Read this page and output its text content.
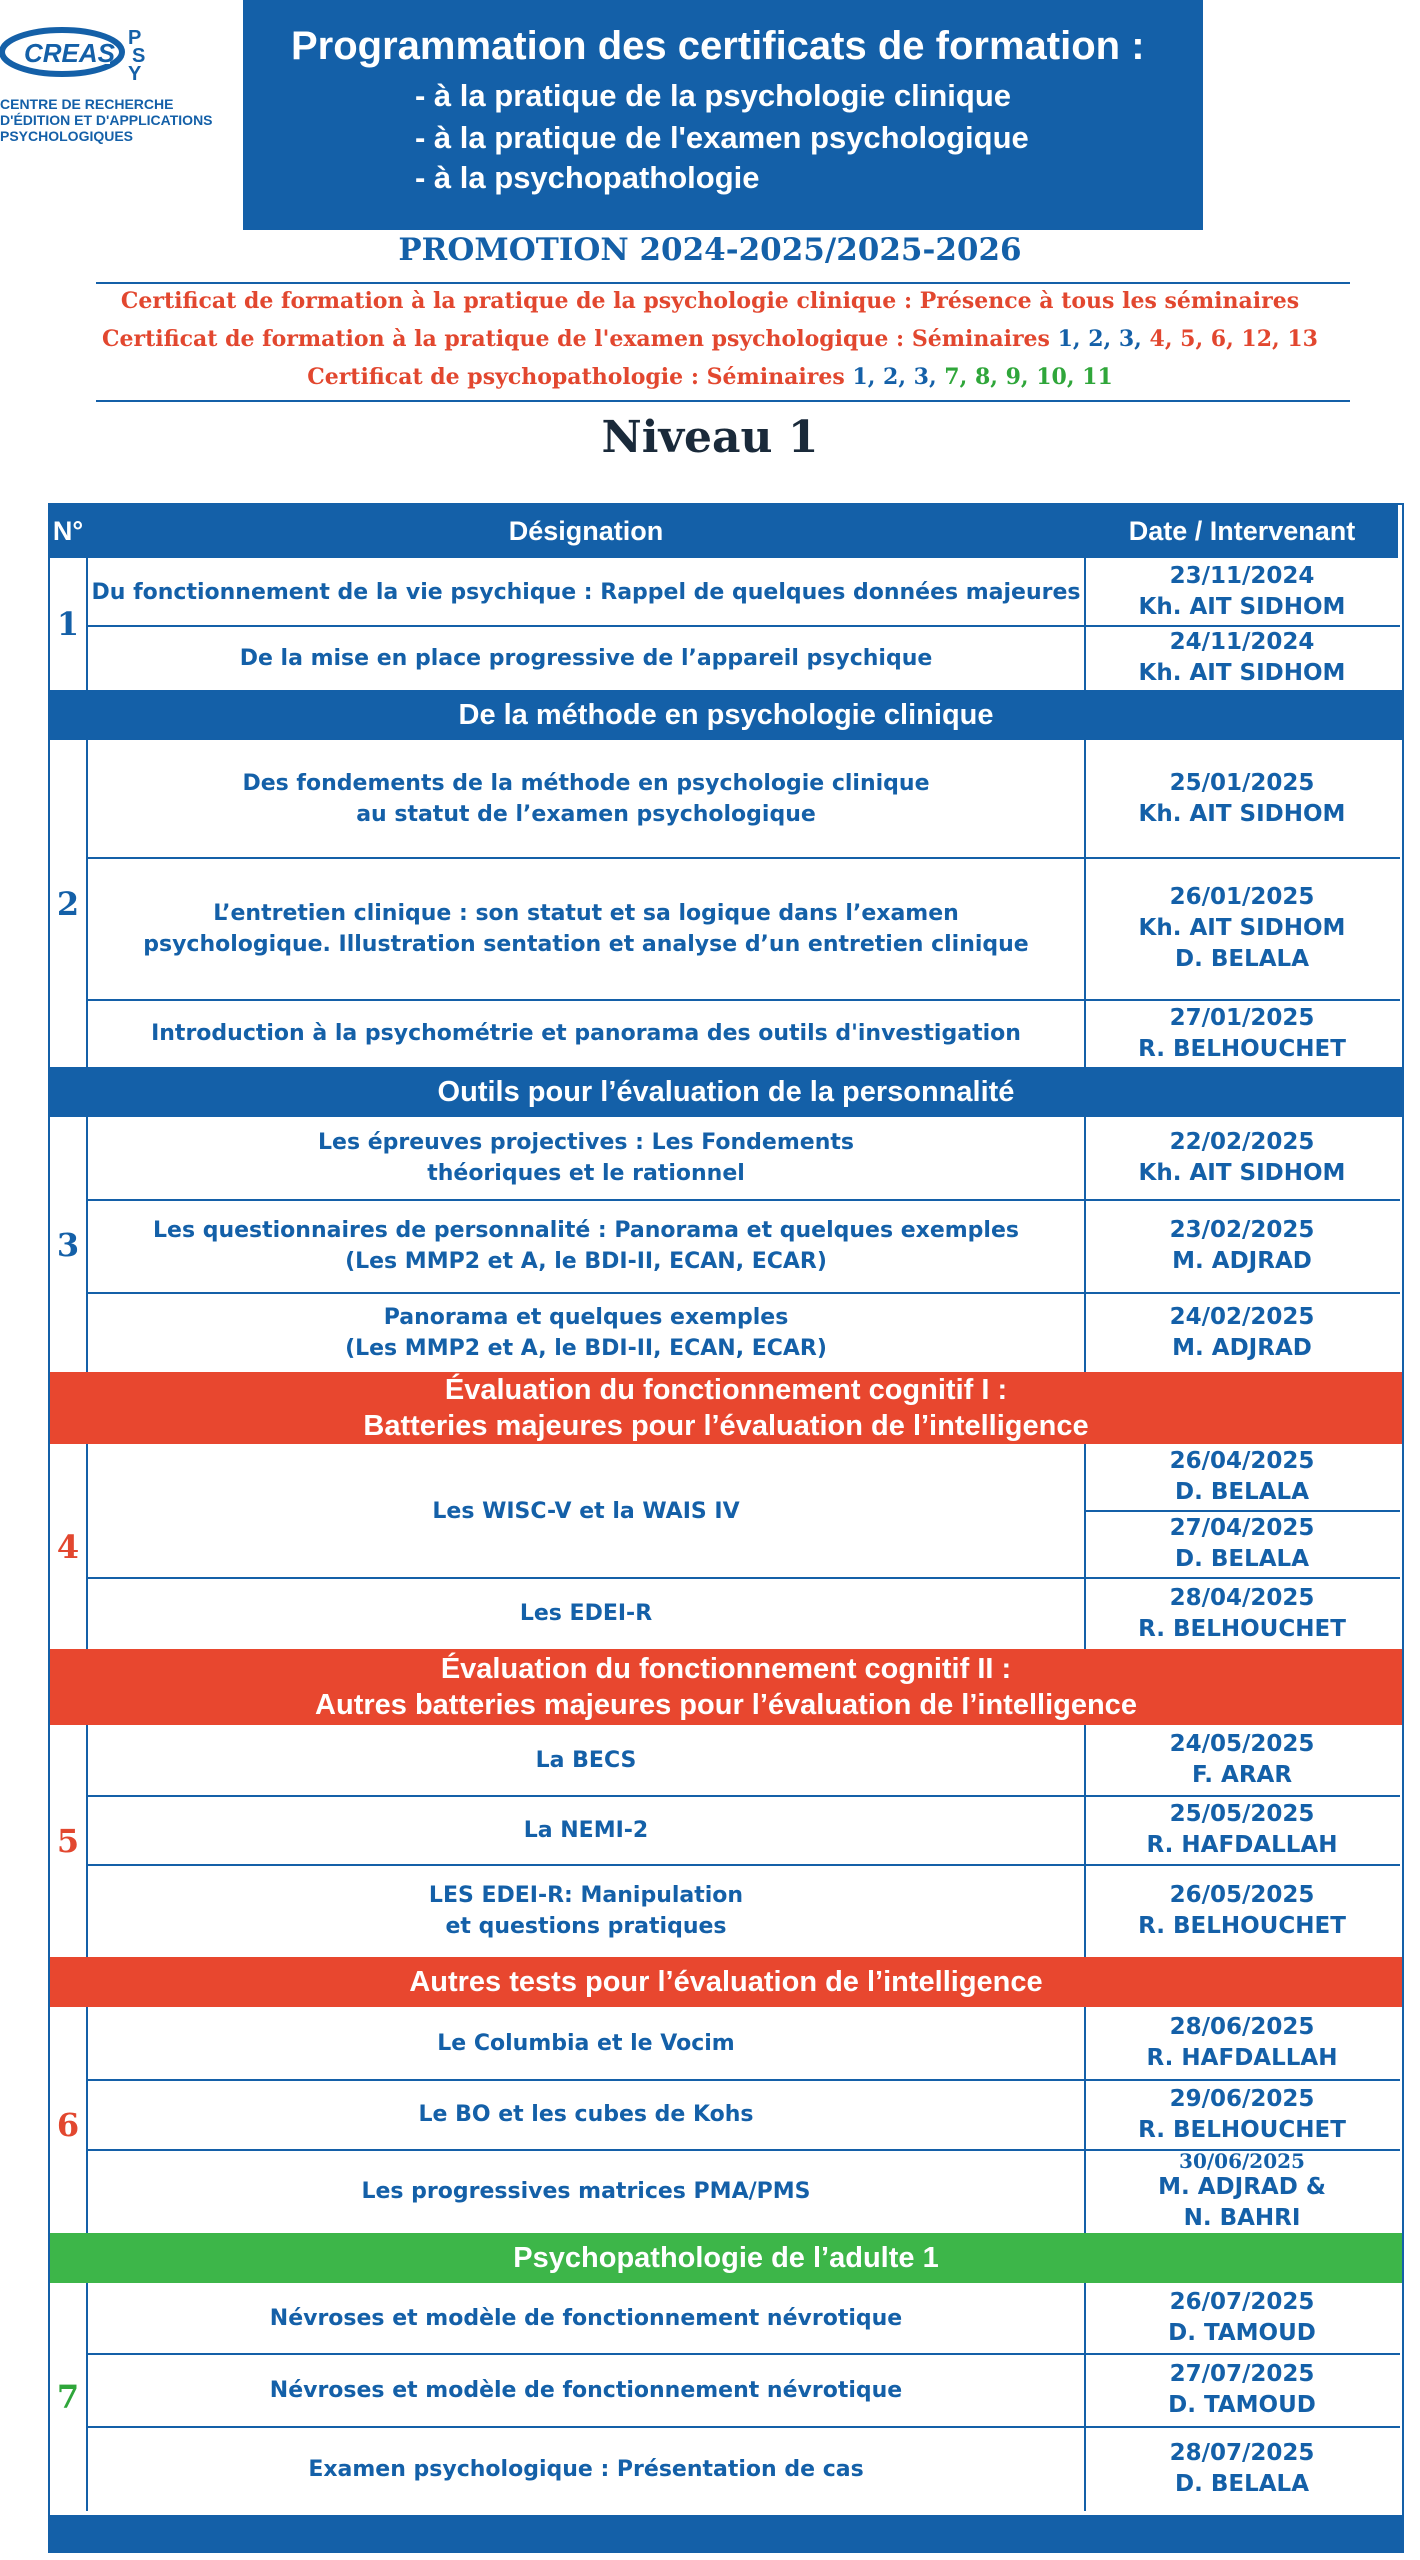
CREAS P S Y
CENTRE DE RECHERCHE
D'ÉDITION ET D'APPLICATIONS
PSYCHOLOGIQUES
Programmation des certificats de formation :
- à la pratique de la psychologie clinique
- à la pratique de l'examen psychologique
- à la psychopathologie
PROMOTION 2024-2025/2025-2026
Certificat de formation à la pratique de la psychologie clinique : Présence à tous les séminaires
Certificat de formation à la pratique de l'examen psychologique : Séminaires 1, 2, 3, 4, 5, 6, 12, 13
Certificat de psychopathologie : Séminaires 1, 2, 3, 7, 8, 9, 10, 11
Niveau 1
N°	Désignation	Date / Intervenant
1
Du fonctionnement de la vie psychique : Rappel de quelques données majeures
23/11/2024
Kh. AIT SIDHOM
De la mise en place progressive de l’appareil psychique
24/11/2024
Kh. AIT SIDHOM
De la méthode en psychologie clinique
2
Des fondements de la méthode en psychologie clinique
au statut de l’examen psychologique
25/01/2025
Kh. AIT SIDHOM
L’entretien clinique : son statut et sa logique dans l’examen
psychologique. Illustration sentation et analyse d’un entretien clinique
26/01/2025
Kh. AIT SIDHOM
D. BELALA
Introduction à la psychométrie et panorama des outils d'investigation
27/01/2025
R. BELHOUCHET
Outils pour l’évaluation de la personnalité
3
Les épreuves projectives : Les Fondements
théoriques et le rationnel
22/02/2025
Kh. AIT SIDHOM
Les questionnaires de personnalité : Panorama et quelques exemples
(Les MMP2 et A, le BDI-II, ECAN, ECAR)
23/02/2025
M. ADJRAD
Panorama et quelques exemples
(Les MMP2 et A, le BDI-II, ECAN, ECAR)
24/02/2025
M. ADJRAD
Évaluation du fonctionnement cognitif I :
Batteries majeures pour l’évaluation de l’intelligence
4
Les WISC-V et la WAIS IV
26/04/2025
D. BELALA
27/04/2025
D. BELALA
Les EDEI-R
28/04/2025
R. BELHOUCHET
Évaluation du fonctionnement cognitif II :
Autres batteries majeures pour l’évaluation de l’intelligence
5
La BECS
24/05/2025
F. ARAR
La NEMI-2
25/05/2025
R. HAFDALLAH
LES EDEI-R: Manipulation
et questions pratiques
26/05/2025
R. BELHOUCHET
Autres tests pour l’évaluation de l’intelligence
6
Le Columbia et le Vocim
28/06/2025
R. HAFDALLAH
Le BO et les cubes de Kohs
29/06/2025
R. BELHOUCHET
Les progressives matrices PMA/PMS
30/06/2025
M. ADJRAD &
N. BAHRI
Psychopathologie de l’adulte 1
7
Névroses et modèle de fonctionnement névrotique
26/07/2025
D. TAMOUD
Névroses et modèle de fonctionnement névrotique
27/07/2025
D. TAMOUD
Examen psychologique : Présentation de cas
28/07/2025
D. BELALA
